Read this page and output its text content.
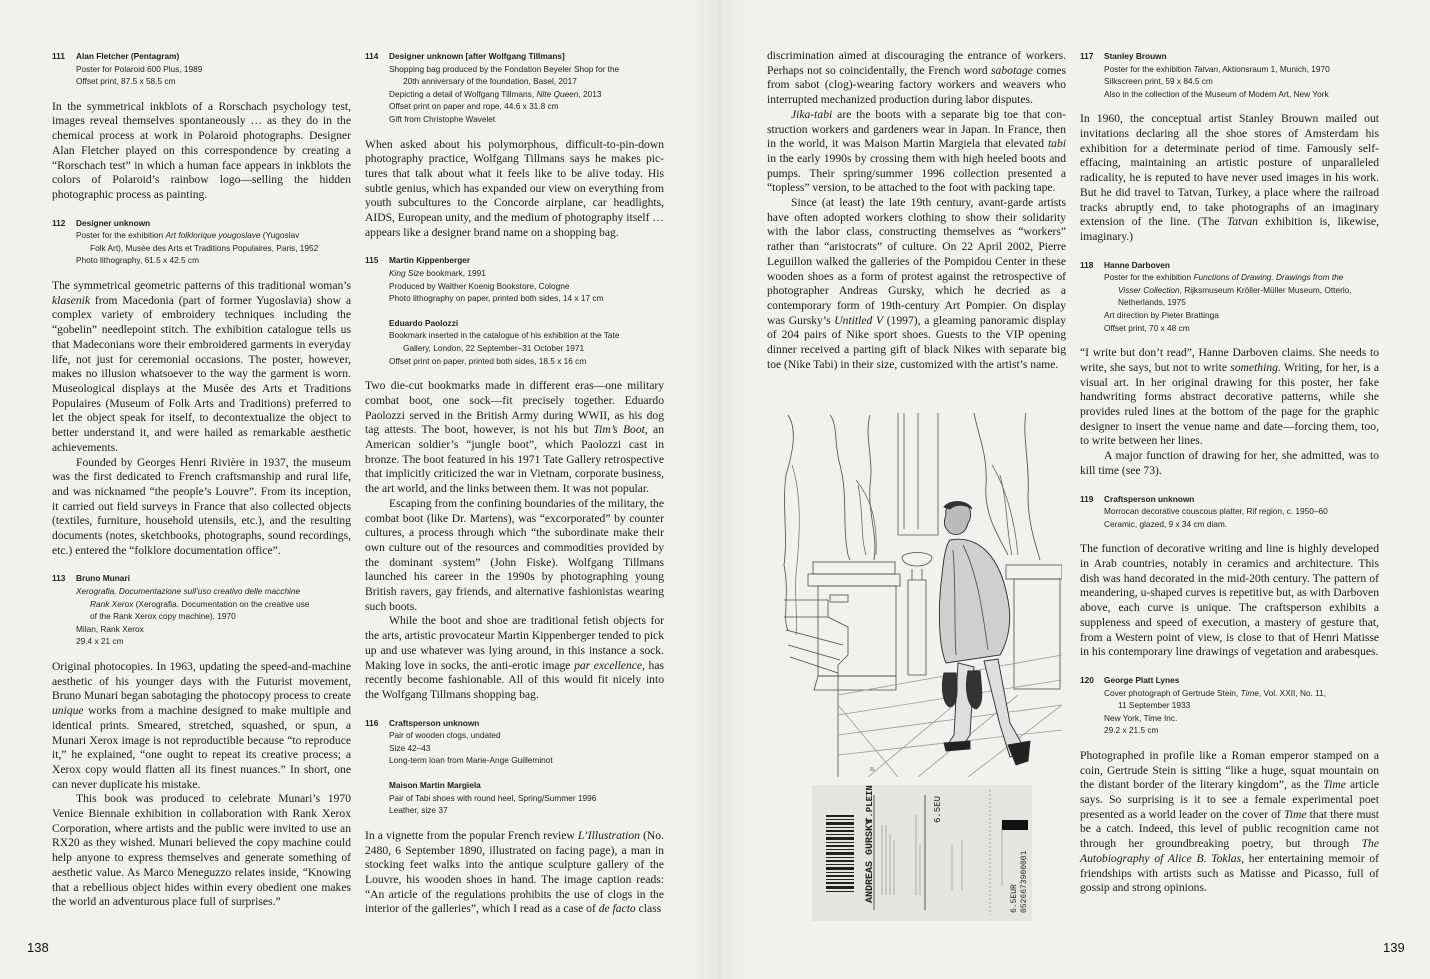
111	Alan Fletcher (Pentagram)
Poster for Polaroid 600 Plus, 1989
Offset print, 87.5 x 58.5 cm

In the symmetrical inkblots of a Rorschach psychology test, images reveal themselves spontaneously … as they do in the chemical process at work in Polaroid photographs. Designer Alan Fletcher played on this correspondence by creating a “Rorschach test” in which a human face appears in inkblots the colors of Polaroid’s rainbow logo—selling the hidden photographic process as painting.

112	Designer unknown
Poster for the exhibition Art folklorique yougoslave (Yugoslav
Folk Art), Musée des Arts et Traditions Populaires, Paris, 1952
Photo lithography, 61.5 x 42.5 cm

The symmetrical geometric patterns of this traditional woman’s klasenik from Macedonia (part of former Yugoslavia) show a complex variety of embroidery techniques including the “gobelin” needlepoint stitch. The exhibition catalogue tells us that Madeconians wore their embroidered garments in everyday life, not just for ceremonial occasions. The poster, however, makes no illusion whatsoever to the way the garment is worn. Museological displays at the Musée des Arts et Traditions Populaires (Museum of Folk Arts and Traditions) preferred to let the object speak for itself, to decontextualize the object to better understand it, and were hailed as remarkable aesthetic achievements.

Founded by Georges Henri Rivière in 1937, the museum was the first dedicated to French craftsmanship and rural life, and was nicknamed “the people’s Louvre”. From its inception, it carried out field surveys in France that also collected objects (textiles, furniture, household utensils, etc.), and the resulting documents (notes, sketchbooks, photographs, sound recordings, etc.) entered the “folklore documentation office”.

113	Bruno Munari
Xerografia, Documentazione sull’uso creativo delle macchine
Rank Xerox (Xerografia. Documentation on the creative use
of the Rank Xerox copy machine), 1970
Milan, Rank Xerox
29.4 x 21 cm

Original photocopies. In 1963, updating the speed-and-machine aesthetic of his younger days with the Futurist movement, Bruno Munari began sabotaging the photocopy process to create unique works from a machine designed to make multiple and identical prints. Smeared, stretched, squashed, or spun, a Munari Xerox image is not reproductible because “to reproduce it,” he explained, “one ought to repeat its creative process; a Xerox copy would flatten all its finest nuances.” In short, one can never duplicate his mistake.

This book was produced to celebrate Munari’s 1970 Venice Biennale exhibition in collaboration with Rank Xerox Corporation, where artists and the public were invited to use an RX20 as they wished. Munari believed the copy machine could help anyone to express themselves and generate something of aesthetic value. As Marco Meneguzzo relates inside, “Knowing that a rebellious object hides within every obedient one makes the world an adventurous place full of surprises.”

114	Designer unknown [after Wolfgang Tillmans]
Shopping bag produced by the Fondation Beyeler Shop for the
20th anniversary of the foundation, Basel, 2017
Depicting a detail of Wolfgang Tillmans, Nite Queen, 2013
Offset print on paper and rope, 44.6 x 31.8 cm
Gift from Christophe Wavelet

When asked about his polymorphous, difficult-to-pin-down photography practice, Wolfgang Tillmans says he makes pictures that talk about what it feels like to be alive today. His subtle genius, which has expanded our view on everything from youth subcultures to the Concorde airplane, car headlights, AIDS, European unity, and the medium of photography itself … appears like a designer brand name on a shopping bag.

115	Martin Kippenberger
King Size bookmark, 1991
Produced by Walther Koenig Bookstore, Cologne
Photo lithography on paper, printed both sides, 14 x 17 cm
Eduardo Paolozzi
Bookmark inserted in the catalogue of his exhibition at the Tate
Gallery, London, 22 September–31 October 1971
Offset print on paper, printed both sides, 18.5 x 16 cm

Two die-cut bookmarks made in different eras—one military combat boot, one sock—fit precisely together. Eduardo Paolozzi served in the British Army during WWII, as his dog tag attests. The boot, however, is not his but Tim’s Boot, an American soldier’s “jungle boot”, which Paolozzi cast in bronze. The boot featured in his 1971 Tate Gallery retrospective that implicitly criticized the war in Vietnam, corporate business, the art world, and the links between them. It was not popular.

Escaping from the confining boundaries of the military, the combat boot (like Dr. Martens), was “excorporated” by counter cultures, a process through which “the subordinate make their own culture out of the resources and commodities provided by the dominant system” (John Fiske). Wolfgang Tillmans launched his career in the 1990s by photographing young British ravers, gay friends, and alternative fashionistas wearing such boots.

While the boot and shoe are traditional fetish objects for the arts, artistic provocateur Martin Kippenberger tended to pick up and use whatever was lying around, in this instance a sock. Making love in socks, the anti-erotic image par excellence, has recently become fashionable. All of this would fit nicely into the Wolfgang Tillmans shopping bag.

116	Craftsperson unknown
Pair of wooden clogs, undated
Size 42–43
Long-term loan from Marie-Ange Guilleminot
Maison Martin Margiela
Pair of Tabi shoes with round heel, Spring/Summer 1996
Leather, size 37

In a vignette from the popular French review L’Illustration (No. 2480, 6 September 1890, illustrated on facing page), a man in stocking feet walks into the antique sculpture gallery of the Louvre, his wooden shoes in hand. The image caption reads: “An article of the regulations prohibits the use of clogs in the interior of the galleries”, which I read as a case of de facto class

discrimination aimed at discouraging the entrance of workers. Perhaps not so coincidentally, the French word sabotage comes from sabot (clog)-wearing factory workers and weavers who interrupted mechanized production during labor disputes.

Jika-tabi are the boots with a separate big toe that construction workers and gardeners wear in Japan. In France, then in the world, it was Maison Martin Margiela that elevated tabi in the early 1990s by crossing them with high heeled boots and pumps. Their spring/summer 1996 collection presented a “topless” version, to be attached to the foot with packing tape.

Since (at least) the late 19th century, avant-garde artists have often adopted workers clothing to show their solidarity with the labor class, constructing themselves as “workers” rather than “aristocrats” of culture. On 22 April 2002, Pierre Leguillon walked the galleries of the Pompidou Center in these wooden shoes as a form of protest against the retrospective of photographer Andreas Gursky, which he decried as a contemporary form of 19th-century Art Pompier. On display was Gursky’s Untitled V (1997), a gleaming panoramic display of 204 pairs of Nike sport shoes. Guests to the VIP opening dinner received a parting gift of black Nikes with separate big toe (Nike Tabi) in their size, customized with the artist’s name.

B.
ANDREAS GURSKY
T.PLEIN	6.5EU
6.5EUR 0526673900001
117	Stanley Brouwn
Poster for the exhibition Tatvan, Aktionsraum 1, Munich, 1970
Silkscreen print, 59 x 84.5 cm
Also in the collection of the Museum of Modern Art, New York

In 1960, the conceptual artist Stanley Brouwn mailed out invitations declaring all the shoe stores of Amsterdam his exhibition for a determinate period of time. Famously self-effacing, maintaining an artistic posture of unparalleled radicality, he is reputed to have never used images in his work. But he did travel to Tatvan, Turkey, a place where the railroad tracks abruptly end, to take photographs of an imaginary extension of the line. (The Tatvan exhibition is, likewise, imaginary.)

118	Hanne Darboven
Poster for the exhibition Functions of Drawing. Drawings from the
Visser Collection, Rijksmuseum Kröller-Müller Museum, Otterlo,
Netherlands, 1975
Art direction by Pieter Brattinga
Offset print, 70 x 48 cm

“I write but don’t read”, Hanne Darboven claims. She needs to write, she says, but not to write something. Writing, for her, is a visual art. In her original drawing for this poster, her fake handwriting forms abstract decorative patterns, while she provides ruled lines at the bottom of the page for the graphic designer to insert the venue name and date—forcing them, too, to write between her lines.

A major function of drawing for her, she admitted, was to kill time (see 73).

119	Craftsperson unknown
Morrocan decorative couscous platter, Rif region, c. 1950–60
Ceramic, glazed, 9 x 34 cm diam.

The function of decorative writing and line is highly developed in Arab countries, notably in ceramics and architecture. This dish was hand decorated in the mid-20th century. The pattern of meandering, u-shaped curves is repetitive but, as with Darboven above, each curve is unique. The craftsperson exhibits a suppleness and speed of execution, a mastery of gesture that, from a Western point of view, is close to that of Henri Matisse in his contemporary line drawings of vegetation and arabesques.

120	George Platt Lynes
Cover photograph of Gertrude Stein, Time, Vol. XXII, No. 11,
11 September 1933
New York, Time Inc.
29.2 x 21.5 cm

Photographed in profile like a Roman emperor stamped on a coin, Gertrude Stein is sitting “like a huge, squat mountain on the distant border of the literary kingdom”, as the Time article says. So surprising is it to see a female experimental poet presented as a world leader on the cover of Time that there must be a catch. Indeed, this level of public recognition came not through her groundbreaking poetry, but through The Autobiography of Alice B. Toklas, her entertaining memoir of friendships with artists such as Matisse and Picasso, full of gossip and strong opinions.

138	139
